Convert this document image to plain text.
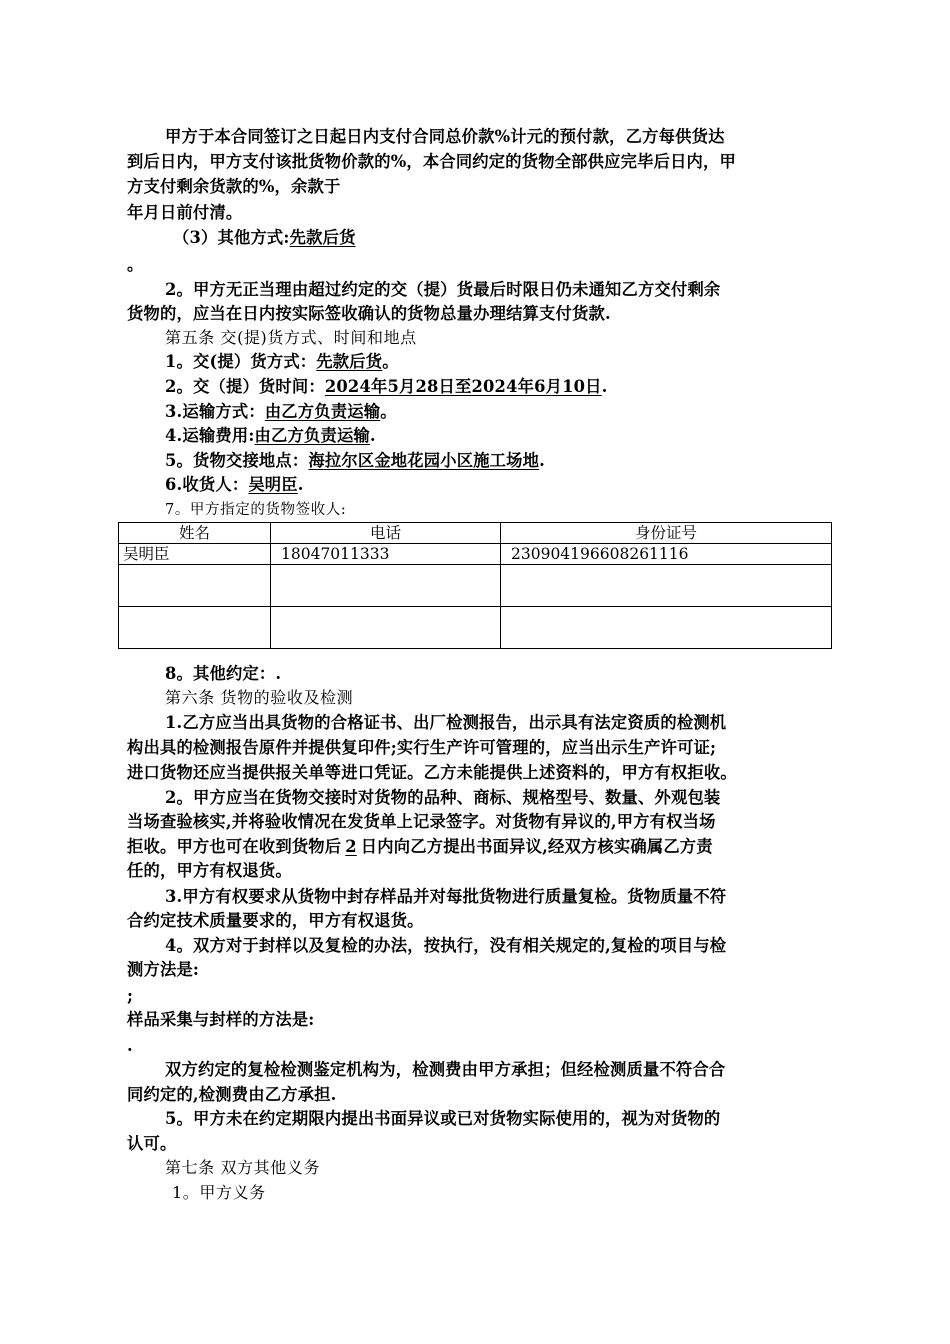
甲方于本合同签订之日起日内支付合同总价款%计元的预付款，乙方每供货达
到后日内，甲方支付该批货物价款的%，本合同约定的货物全部供应完毕后日内，甲
方支付剩余货款的%，余款于
年月日前付清。
（3）其他方式:先款后货
。
2。甲方无正当理由超过约定的交（提）货最后时限日仍未通知乙方交付剩余
货物的，应当在日内按实际签收确认的货物总量办理结算支付货款.
第五条 交(提)货方式、时间和地点
1。交(提）货方式：先款后货。
2。交（提）货时间：2024年5月28日至2024年6月10日.
3.运输方式：由乙方负责运输。
4.运输费用:由乙方负责运输.
5。货物交接地点：海拉尔区金地花园小区施工场地.
6.收货人：吴明臣.
7。甲方指定的货物签收人:
姓名	电话	身份证号
吴明臣	18047011333	230904196608261116

8。其他约定：.
第六条 货物的验收及检测
1.乙方应当出具货物的合格证书、出厂检测报告，出示具有法定资质的检测机
构出具的检测报告原件并提供复印件;实行生产许可管理的，应当出示生产许可证;
进口货物还应当提供报关单等进口凭证。乙方未能提供上述资料的，甲方有权拒收。
2。甲方应当在货物交接时对货物的品种、商标、规格型号、数量、外观包装
当场查验核实,并将验收情况在发货单上记录签字。对货物有异议的,甲方有权当场
拒收。甲方也可在收到货物后 2 日内向乙方提出书面异议,经双方核实确属乙方责
任的，甲方有权退货。
3.甲方有权要求从货物中封存样品并对每批货物进行质量复检。货物质量不符
合约定技术质量要求的，甲方有权退货。
4。双方对于封样以及复检的办法，按执行，没有相关规定的,复检的项目与检
测方法是:
;
样品采集与封样的方法是:
.
双方约定的复检检测鉴定机构为，检测费由甲方承担；但经检测质量不符合合
同约定的,检测费由乙方承担.
5。甲方未在约定期限内提出书面异议或已对货物实际使用的，视为对货物的
认可。
第七条 双方其他义务
1。甲方义务
